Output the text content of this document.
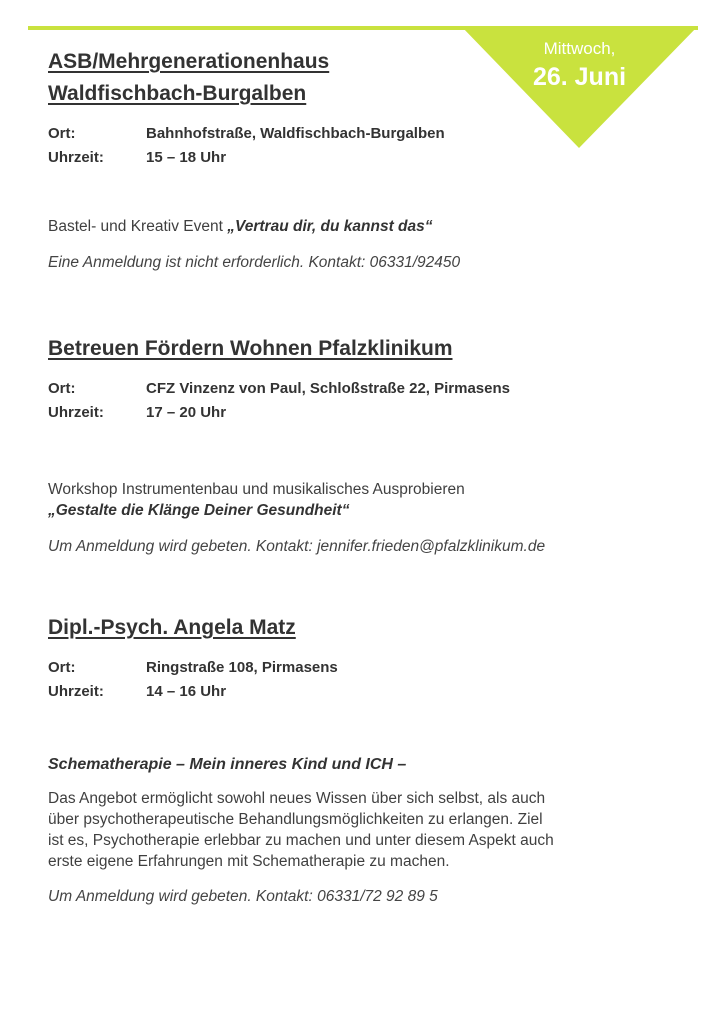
Mittwoch,
26. Juni
ASB/Mehrgenerationenhaus
Waldfischbach-Burgalben
Ort:	Bahnhofstraße, Waldfischbach-Burgalben
Uhrzeit:	15 – 18 Uhr
Bastel- und Kreativ Event „Vertrau dir, du kannst das“
Eine Anmeldung ist nicht erforderlich. Kontakt: 06331/92450
Betreuen Fördern Wohnen Pfalzklinikum
Ort:	CFZ Vinzenz von Paul, Schloßstraße 22, Pirmasens
Uhrzeit:	17 – 20 Uhr
Workshop Instrumentenbau und musikalisches Ausprobieren
„Gestalte die Klänge Deiner Gesundheit“
Um Anmeldung wird gebeten. Kontakt: jennifer.frieden@pfalzklinikum.de
Dipl.-Psych. Angela Matz
Ort:	Ringstraße 108, Pirmasens
Uhrzeit:	14 – 16 Uhr
Schematherapie – Mein inneres Kind und ICH –
Das Angebot ermöglicht sowohl neues Wissen über sich selbst, als auch
über psychotherapeutische Behandlungsmöglichkeiten zu erlangen. Ziel
ist es, Psychotherapie erlebbar zu machen und unter diesem Aspekt auch
erste eigene Erfahrungen mit Schematherapie zu machen.
Um Anmeldung wird gebeten. Kontakt: 06331/72 92 89 5
